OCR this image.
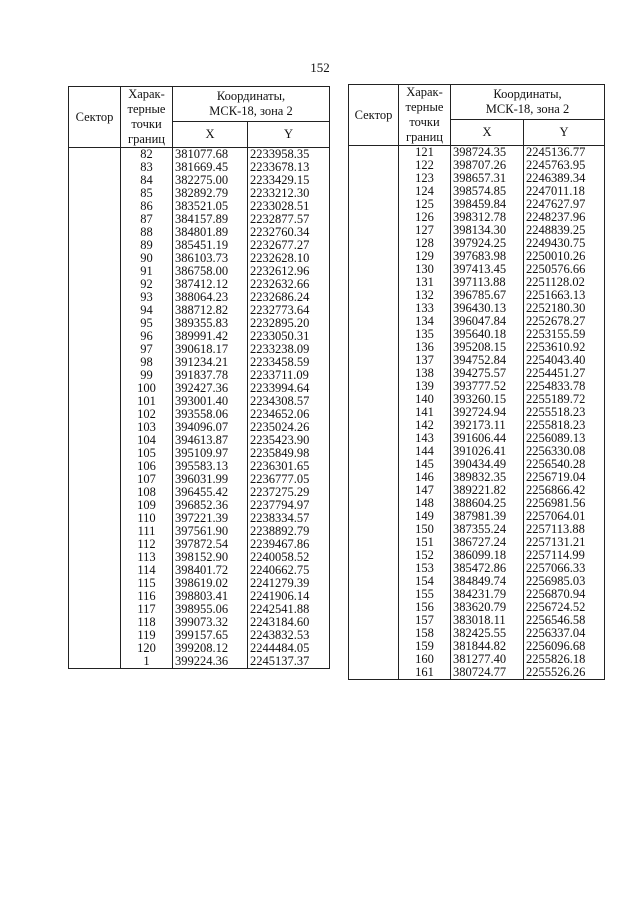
152
Сектор	Харак-
терные
точки
границ	Координаты,
МСК-18, зона 2	
		X	Y
	82	381077.68	2233958.35
	83	381669.45	2233678.13
	84	382275.00	2233429.15
	85	382892.79	2233212.30
	86	383521.05	2233028.51
	87	384157.89	2232877.57
	88	384801.89	2232760.34
	89	385451.19	2232677.27
	90	386103.73	2232628.10
	91	386758.00	2232612.96
	92	387412.12	2232632.66
	93	388064.23	2232686.24
	94	388712.82	2232773.64
	95	389355.83	2232895.20
	96	389991.42	2233050.31
	97	390618.17	2233238.09
	98	391234.21	2233458.59
	99	391837.78	2233711.09
	100	392427.36	2233994.64
	101	393001.40	2234308.57
	102	393558.06	2234652.06
	103	394096.07	2235024.26
	104	394613.87	2235423.90
	105	395109.97	2235849.98
	106	395583.13	2236301.65
	107	396031.99	2236777.05
	108	396455.42	2237275.29
	109	396852.36	2237794.97
	110	397221.39	2238334.57
	111	397561.90	2238892.79
	112	397872.54	2239467.86
	113	398152.90	2240058.52
	114	398401.72	2240662.75
	115	398619.02	2241279.39
	116	398803.41	2241906.14
	117	398955.06	2242541.88
	118	399073.32	2243184.60
	119	399157.65	2243832.53
	120	399208.12	2244484.05
	1	399224.36	2245137.37
Сектор	Харак-
терные
точки
границ	Координаты,
МСК-18, зона 2	
		X	Y
	121	398724.35	2245136.77
	122	398707.26	2245763.95
	123	398657.31	2246389.34
	124	398574.85	2247011.18
	125	398459.84	2247627.97
	126	398312.78	2248237.96
	127	398134.30	2248839.25
	128	397924.25	2249430.75
	129	397683.98	2250010.26
	130	397413.45	2250576.66
	131	397113.88	2251128.02
	132	396785.67	2251663.13
	133	396430.13	2252180.30
	134	396047.84	2252678.27
	135	395640.18	2253155.59
	136	395208.15	2253610.92
	137	394752.84	2254043.40
	138	394275.57	2254451.27
	139	393777.52	2254833.78
	140	393260.15	2255189.72
	141	392724.94	2255518.23
	142	392173.11	2255818.23
	143	391606.44	2256089.13
	144	391026.41	2256330.08
	145	390434.49	2256540.28
	146	389832.35	2256719.04
	147	389221.82	2256866.42
	148	388604.25	2256981.56
	149	387981.39	2257064.01
	150	387355.24	2257113.88
	151	386727.24	2257131.21
	152	386099.18	2257114.99
	153	385472.86	2257066.33
	154	384849.74	2256985.03
	155	384231.79	2256870.94
	156	383620.79	2256724.52
	157	383018.11	2256546.58
	158	382425.55	2256337.04
	159	381844.82	2256096.68
	160	381277.40	2255826.18
	161	380724.77	2255526.26
